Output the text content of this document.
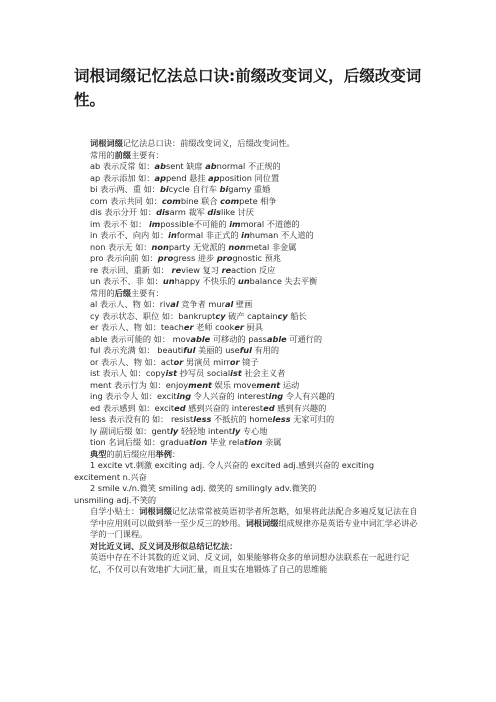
词根词缀记忆法总口诀:前缀改变词义，后缀改变词性。

词根词缀记忆法总口诀：前缀改变词义，后缀改变词性。

常用的前缀主要有：

ab 表示反常 如：absent 缺席 abnormal 不正规的

ap 表示添加 如：append 悬挂 apposition 同位置

bi 表示两、重 如：bicycle 自行车 bigamy 重婚

com 表示共同 如：combine 联合 compete 相争

dis 表示分开 如：disarm 裁军 dislike 讨厌

im 表示不 如： impossible不可能的 immoral 不道德的

in 表示不、向内 如：informal 非正式的 inhuman 不人道的

non 表示无 如：nonparty 无党派的 nonmetal 非金属

pro 表示向前 如：progress 进步 prognostic 预兆

re 表示回、重新 如： review 复习 reaction 反应

un 表示不、非 如：unhappy 不快乐的 unbalance 失去平衡

常用的后缀主要有：

al 表示人、物 如：rival 竞争者 mural 壁画

cy 表示状态、职位 如：bankruptcy 破产 captaincy 船长

er 表示人、物 如：teacher 老师 cooker 厨具

able 表示可能的 如： movable 可移动的 passable 可通行的

ful 表示充满 如： beautiful 美丽的 useful 有用的

or 表示人、物 如：actor 男演员 mirror 镜子

ist 表示人 如：copyist 抄写员 socialist 社会主义者

ment 表示行为 如：enjoyment 娱乐 movement 运动

ing 表示令人 如：exciting 令人兴奋的 interesting 令人有兴趣的

ed 表示感到 如：excited 感到兴奋的 interested 感到有兴趣的

less 表示没有的 如： resistless 不抵抗的 homeless 无家可归的

ly 副词后缀 如：gently 轻轻地 intently 专心地

tion 名词后缀 如：graduation 毕业 relation 亲属

典型的前后缀应用举例：

1 excite vt.刺激 exciting adj. 令人兴奋的 excited adj.感到兴奋的 exciting

excitement n.兴奋

2 smile v./n.微笑 smiling adj. 微笑的 smilingly adv.微笑的

unsmiling adj.不笑的

自学小贴士：词根词缀记忆法常常被英语初学者所忽略，如果将此法配合多遍反复记法在自学中应用则可以做到举一至少反三的妙用。词根词缀组成规律亦是英语专业中词汇学必讲必学的一门课程。

对比近义词、反义词及形似总结记忆法：

英语中存在不计其数的近义词、反义词，如果能够将众多的单词想办法联系在一起进行记忆，不仅可以有效地扩大词汇量，而且实在地锻炼了自己的思维能
